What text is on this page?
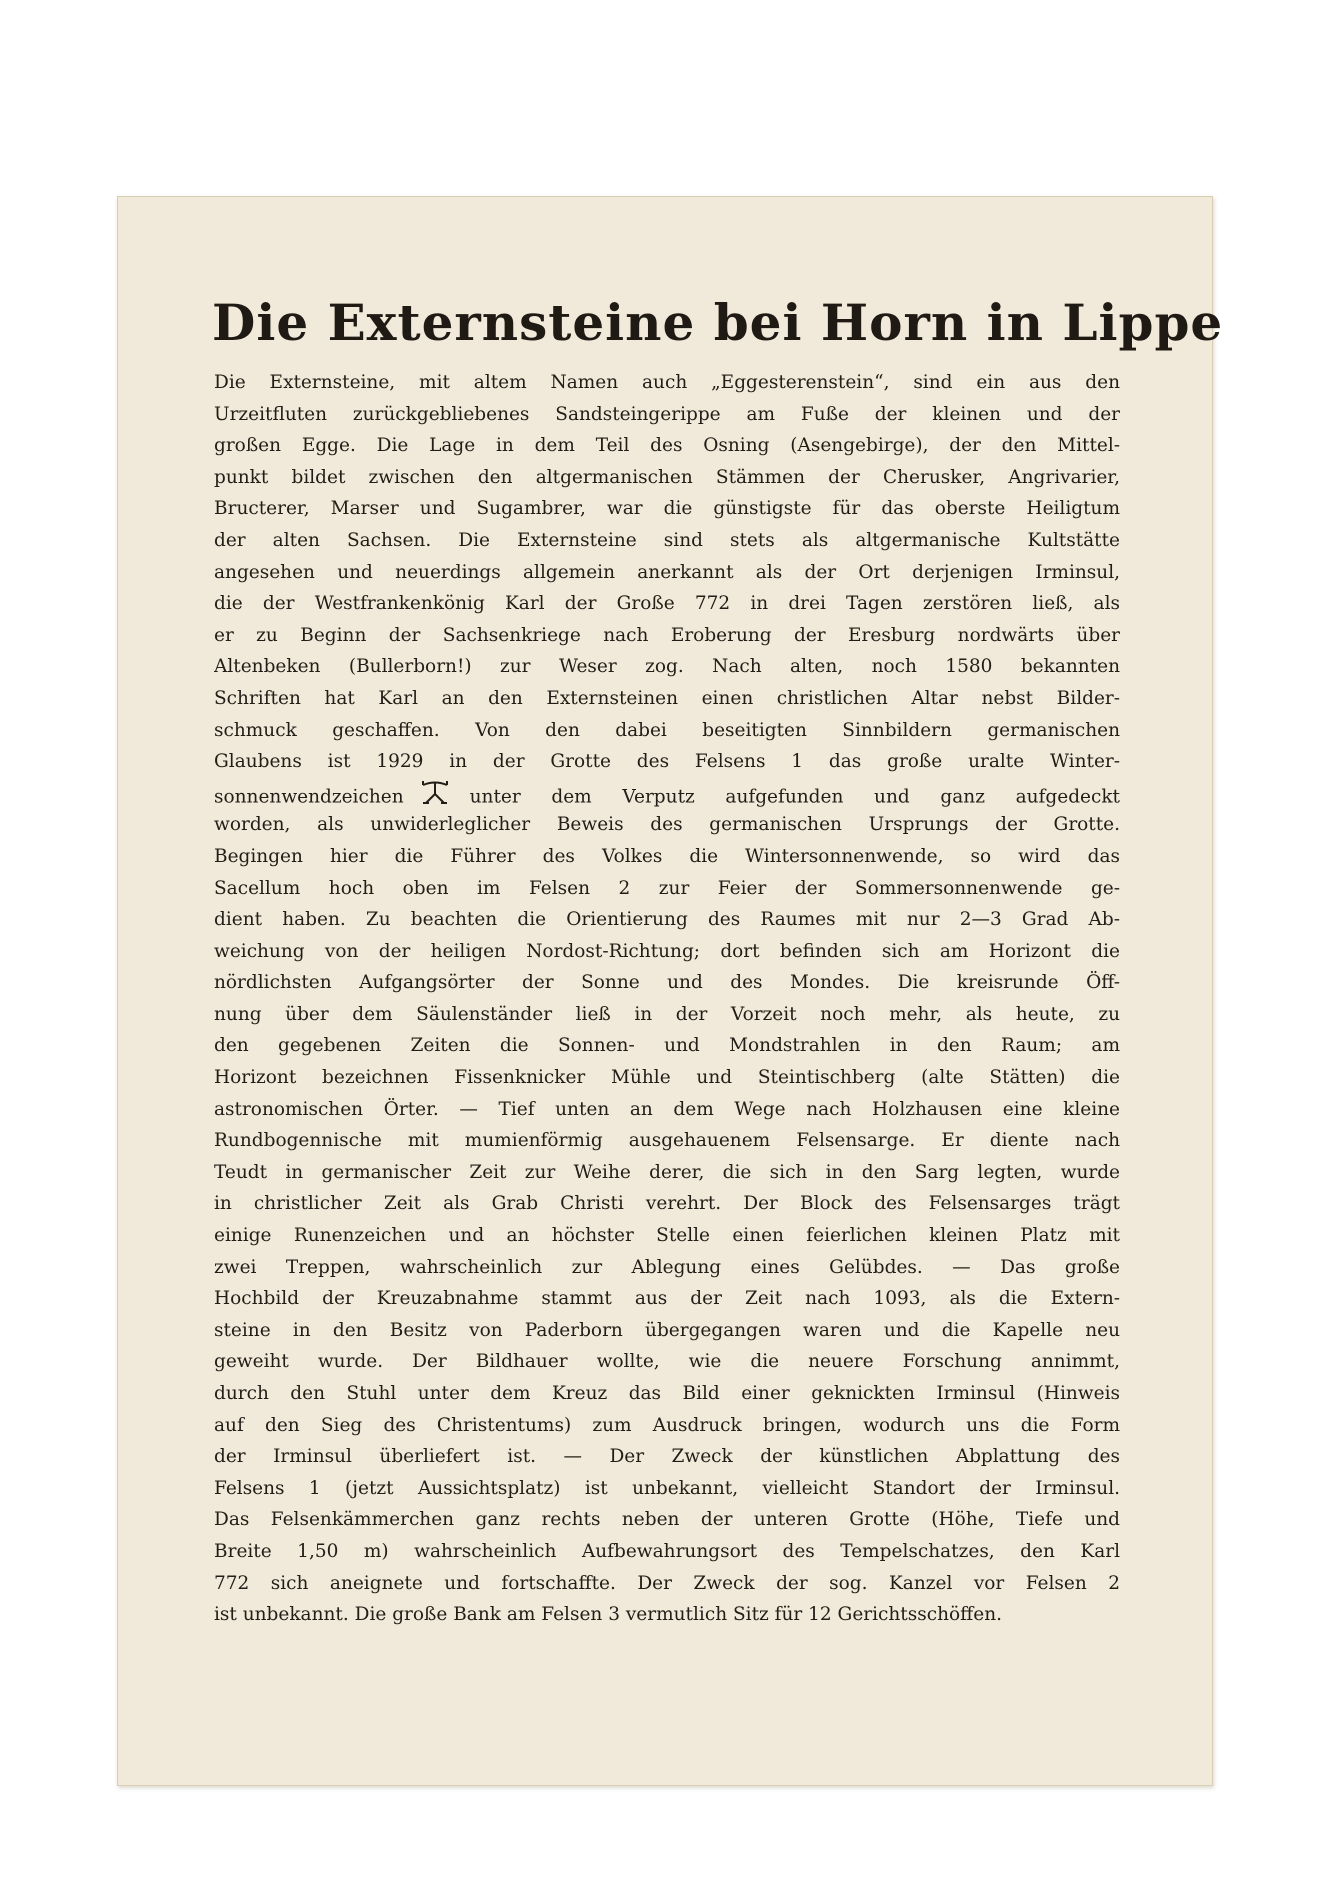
Die Externsteine bei Horn in Lippe
Die Externsteine, mit altem Namen auch „Eggesterenstein“, sind ein aus den
Urzeitfluten zurückgebliebenes Sandsteingerippe am Fuße der kleinen und der
großen Egge. Die Lage in dem Teil des Osning (Asengebirge), der den Mittel-
punkt bildet zwischen den altgermanischen Stämmen der Cherusker, Angrivarier,
Bructerer, Marser und Sugambrer, war die günstigste für das oberste Heiligtum
der alten Sachsen. Die Externsteine sind stets als altgermanische Kultstätte
angesehen und neuerdings allgemein anerkannt als der Ort derjenigen Irminsul,
die der Westfrankenkönig Karl der Große 772 in drei Tagen zerstören ließ, als
er zu Beginn der Sachsenkriege nach Eroberung der Eresburg nordwärts über
Altenbeken (Bullerborn!) zur Weser zog. Nach alten, noch 1580 bekannten
Schriften hat Karl an den Externsteinen einen christlichen Altar nebst Bilder-
schmuck geschaffen. Von den dabei beseitigten Sinnbildern germanischen
Glaubens ist 1929 in der Grotte des Felsens 1 das große uralte Winter-
sonnenwendzeichen	unter dem Verputz aufgefunden und ganz aufgedeckt
worden, als unwiderleglicher Beweis des germanischen Ursprungs der Grotte.
Begingen hier die Führer des Volkes die Wintersonnenwende, so wird das
Sacellum hoch oben im Felsen 2 zur Feier der Sommersonnenwende ge-
dient haben. Zu beachten die Orientierung des Raumes mit nur 2—3 Grad Ab-
weichung von der heiligen Nordost-Richtung; dort befinden sich am Horizont die
nördlichsten Aufgangsörter der Sonne und des Mondes. Die kreisrunde Öff-
nung über dem Säulenständer ließ in der Vorzeit noch mehr, als heute, zu
den gegebenen Zeiten die Sonnen- und Mondstrahlen in den Raum; am
Horizont bezeichnen Fissenknicker Mühle und Steintischberg (alte Stätten) die
astronomischen Örter. — Tief unten an dem Wege nach Holzhausen eine kleine
Rundbogennische mit mumienförmig ausgehauenem Felsensarge. Er diente nach
Teudt in germanischer Zeit zur Weihe derer, die sich in den Sarg legten, wurde
in christlicher Zeit als Grab Christi verehrt. Der Block des Felsensarges trägt
einige Runenzeichen und an höchster Stelle einen feierlichen kleinen Platz mit
zwei Treppen, wahrscheinlich zur Ablegung eines Gelübdes. — Das große
Hochbild der Kreuzabnahme stammt aus der Zeit nach 1093, als die Extern-
steine in den Besitz von Paderborn übergegangen waren und die Kapelle neu
geweiht wurde. Der Bildhauer wollte, wie die neuere Forschung annimmt,
durch den Stuhl unter dem Kreuz das Bild einer geknickten Irminsul (Hinweis
auf den Sieg des Christentums) zum Ausdruck bringen, wodurch uns die Form
der Irminsul überliefert ist. — Der Zweck der künstlichen Abplattung des
Felsens 1 (jetzt Aussichtsplatz) ist unbekannt, vielleicht Standort der Irminsul.
Das Felsenkämmerchen ganz rechts neben der unteren Grotte (Höhe, Tiefe und
Breite 1,50 m) wahrscheinlich Aufbewahrungsort des Tempelschatzes, den Karl
772 sich aneignete und fortschaffte. Der Zweck der sog. Kanzel vor Felsen 2
ist unbekannt. Die große Bank am Felsen 3 vermutlich Sitz für 12 Gerichtsschöffen.
